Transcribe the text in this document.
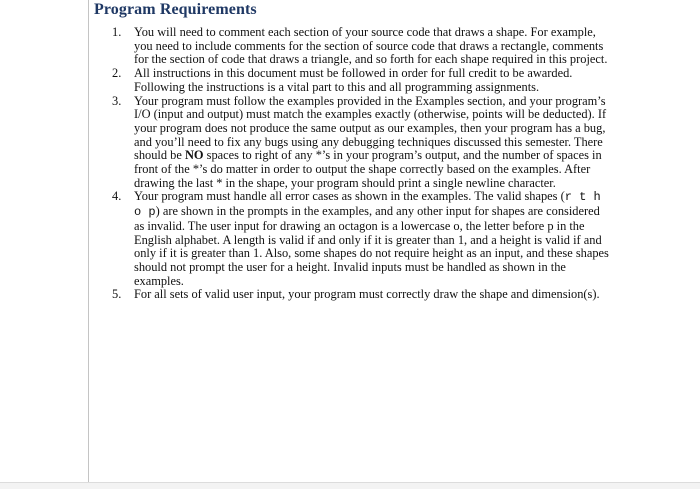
Program Requirements
1. You will need to comment each section of your source code that draws a shape. For example, you need to include comments for the section of source code that draws a rectangle, comments for the section of code that draws a triangle, and so forth for each shape required in this project.
2. All instructions in this document must be followed in order for full credit to be awarded. Following the instructions is a vital part to this and all programming assignments.
3. Your program must follow the examples provided in the Examples section, and your program’s I/O (input and output) must match the examples exactly (otherwise, points will be deducted). If your program does not produce the same output as our examples, then your program has a bug, and you’ll need to fix any bugs using any debugging techniques discussed this semester. There should be NO spaces to right of any *’s in your program’s output, and the number of spaces in front of the *’s do matter in order to output the shape correctly based on the examples. After drawing the last * in the shape, your program should print a single newline character.
4. Your program must handle all error cases as shown in the examples. The valid shapes (r t h o p) are shown in the prompts in the examples, and any other input for shapes are considered as invalid. The user input for drawing an octagon is a lowercase o, the letter before p in the English alphabet. A length is valid if and only if it is greater than 1, and a height is valid if and only if it is greater than 1. Also, some shapes do not require height as an input, and these shapes should not prompt the user for a height. Invalid inputs must be handled as shown in the examples.
5. For all sets of valid user input, your program must correctly draw the shape and dimension(s).
